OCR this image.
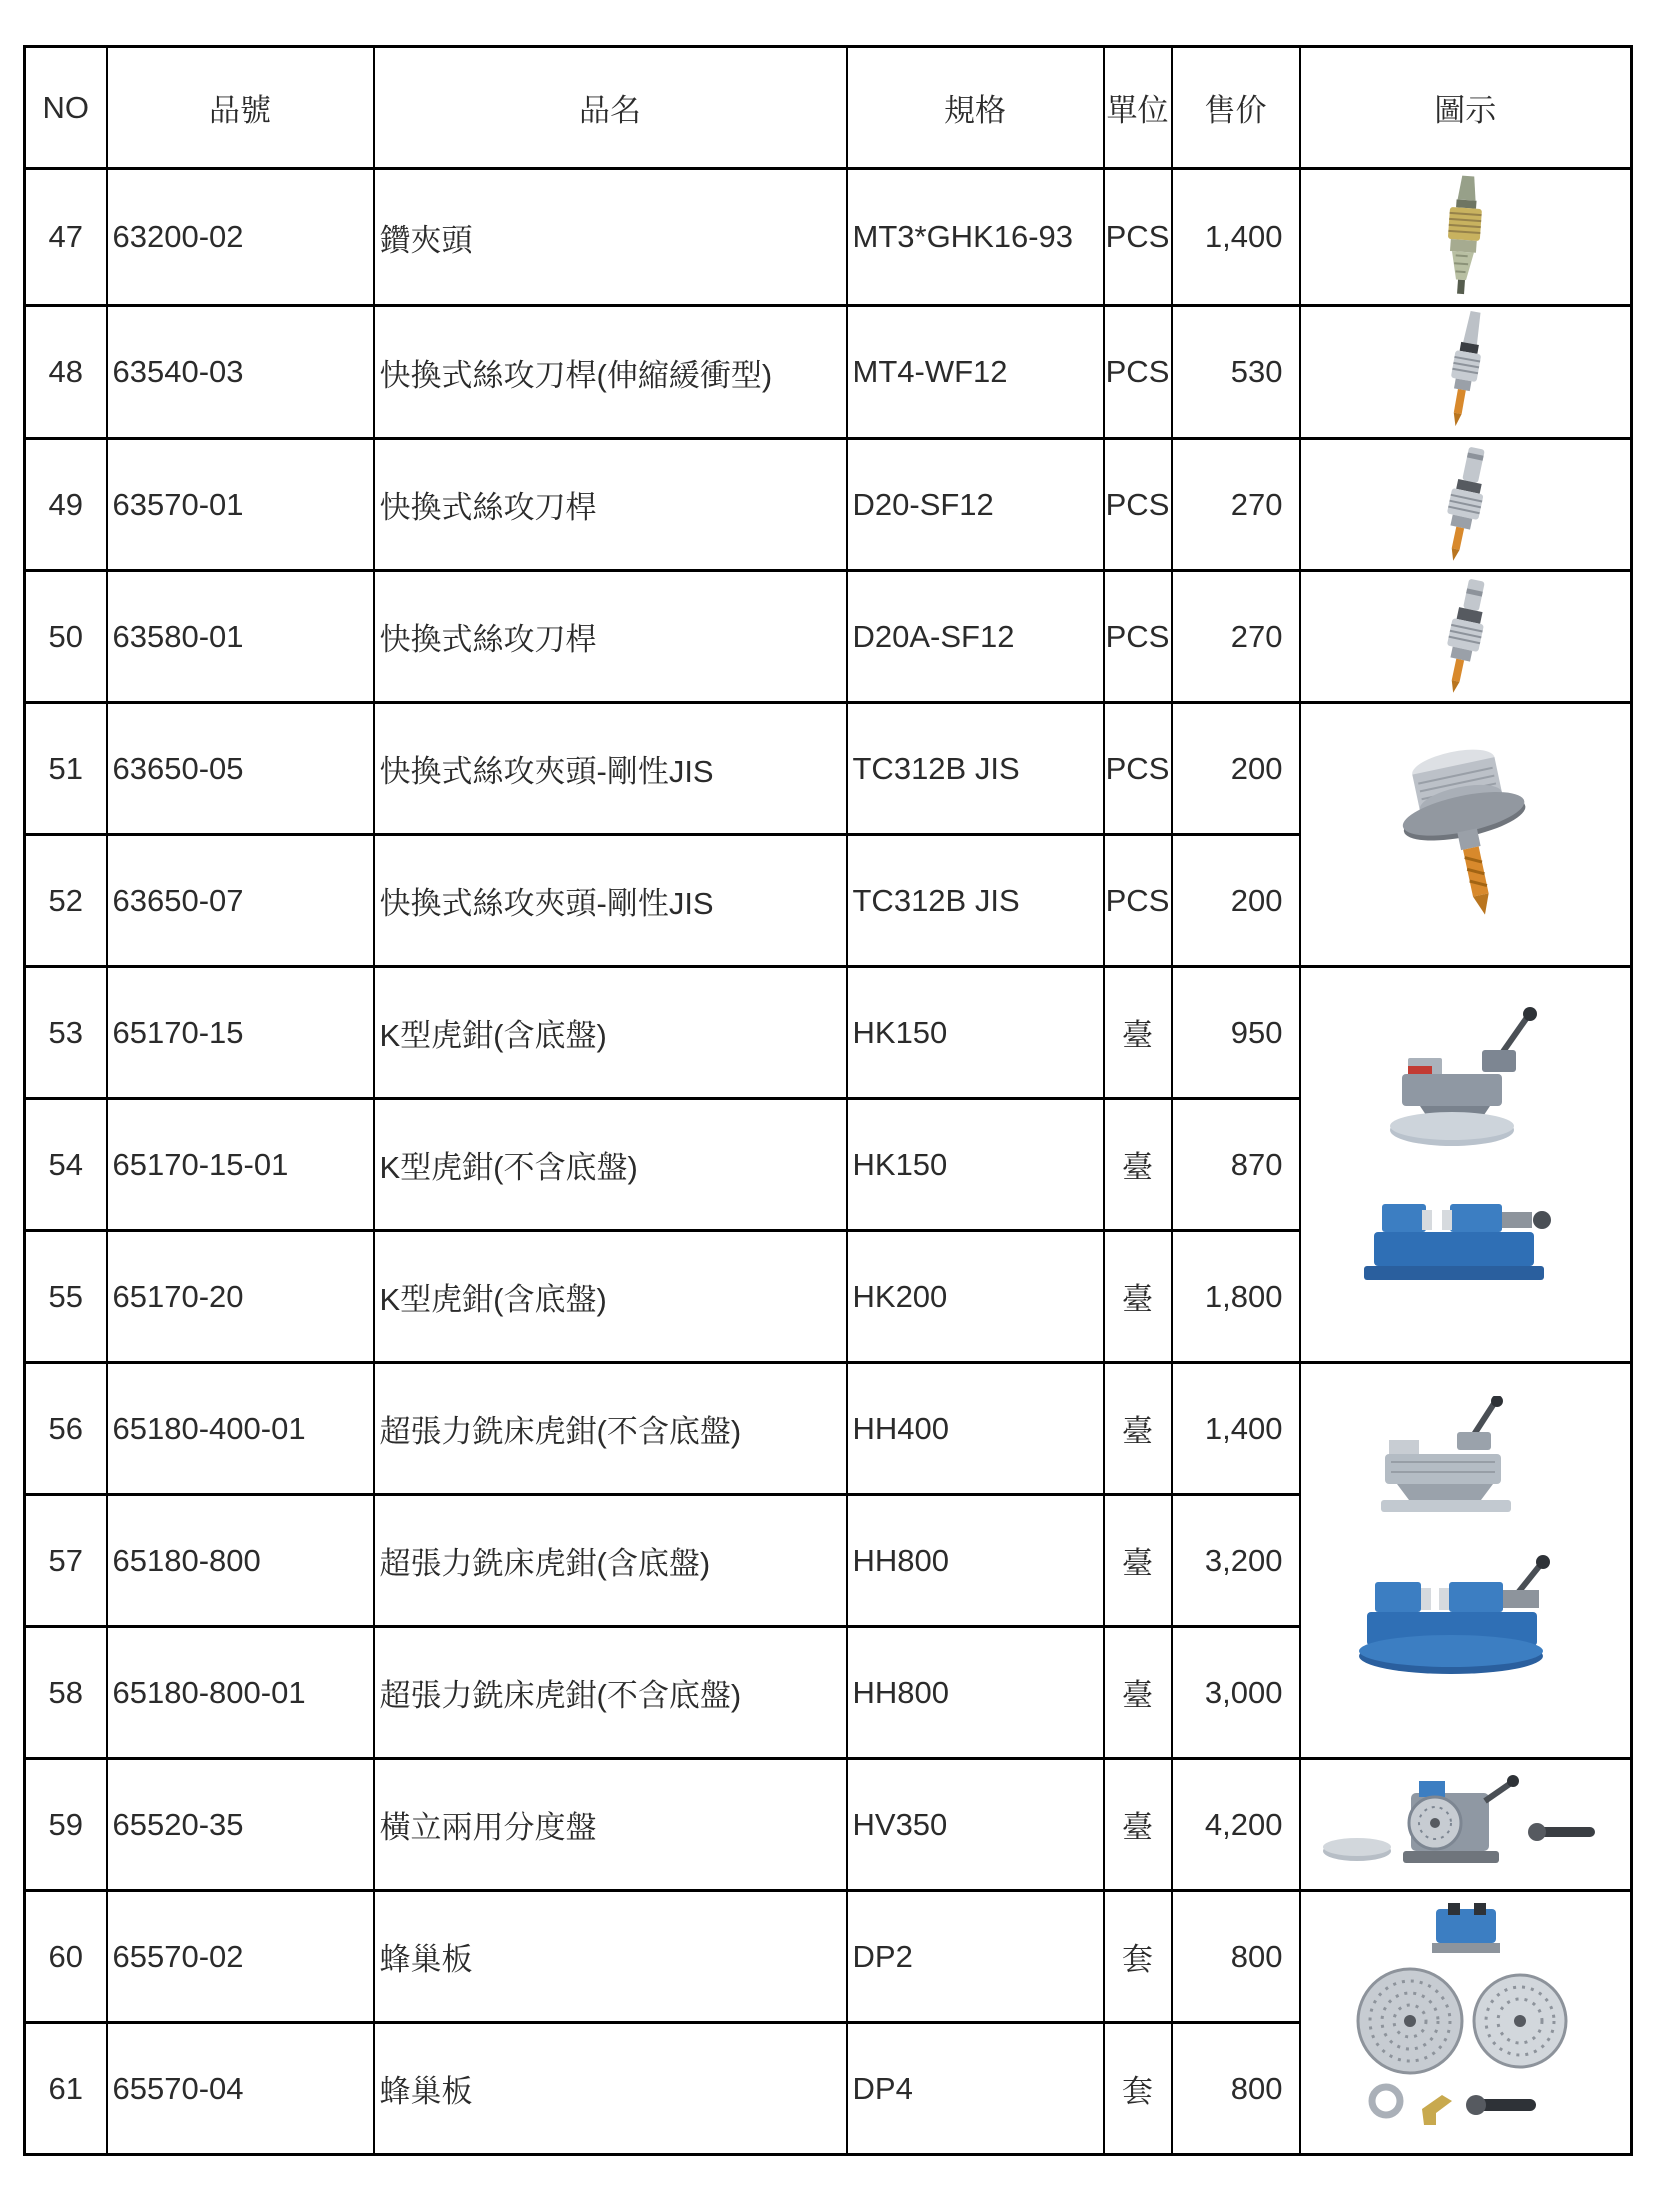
NO	品號	品名	規格	單位	售价	圖示
47	63200-02	鑽夾頭	MT3*GHK16-93	PCS	1,400	
48	63540-03	快換式絲攻刀桿(伸縮緩衝型)	MT4-WF12	PCS	530	
49	63570-01	快換式絲攻刀桿	D20-SF12	PCS	270	
50	63580-01	快換式絲攻刀桿	D20A-SF12	PCS	270	
51	63650-05	快換式絲攻夾頭-剛性JIS	TC312B JIS	PCS	200	
52	63650-07	快換式絲攻夾頭-剛性JIS	TC312B JIS	PCS	200	
53	65170-15	K型虎鉗(含底盤)	HK150	臺	950	
54	65170-15-01	K型虎鉗(不含底盤)	HK150	臺	870	
55	65170-20	K型虎鉗(含底盤)	HK200	臺	1,800	
56	65180-400-01	超張力銑床虎鉗(不含底盤)	HH400	臺	1,400	
57	65180-800	超張力銑床虎鉗(含底盤)	HH800	臺	3,200	
58	65180-800-01	超張力銑床虎鉗(不含底盤)	HH800	臺	3,000	
59	65520-35	橫立兩用分度盤	HV350	臺	4,200	
60	65570-02	蜂巢板	DP2	套	800	
61	65570-04	蜂巢板	DP4	套	800	
